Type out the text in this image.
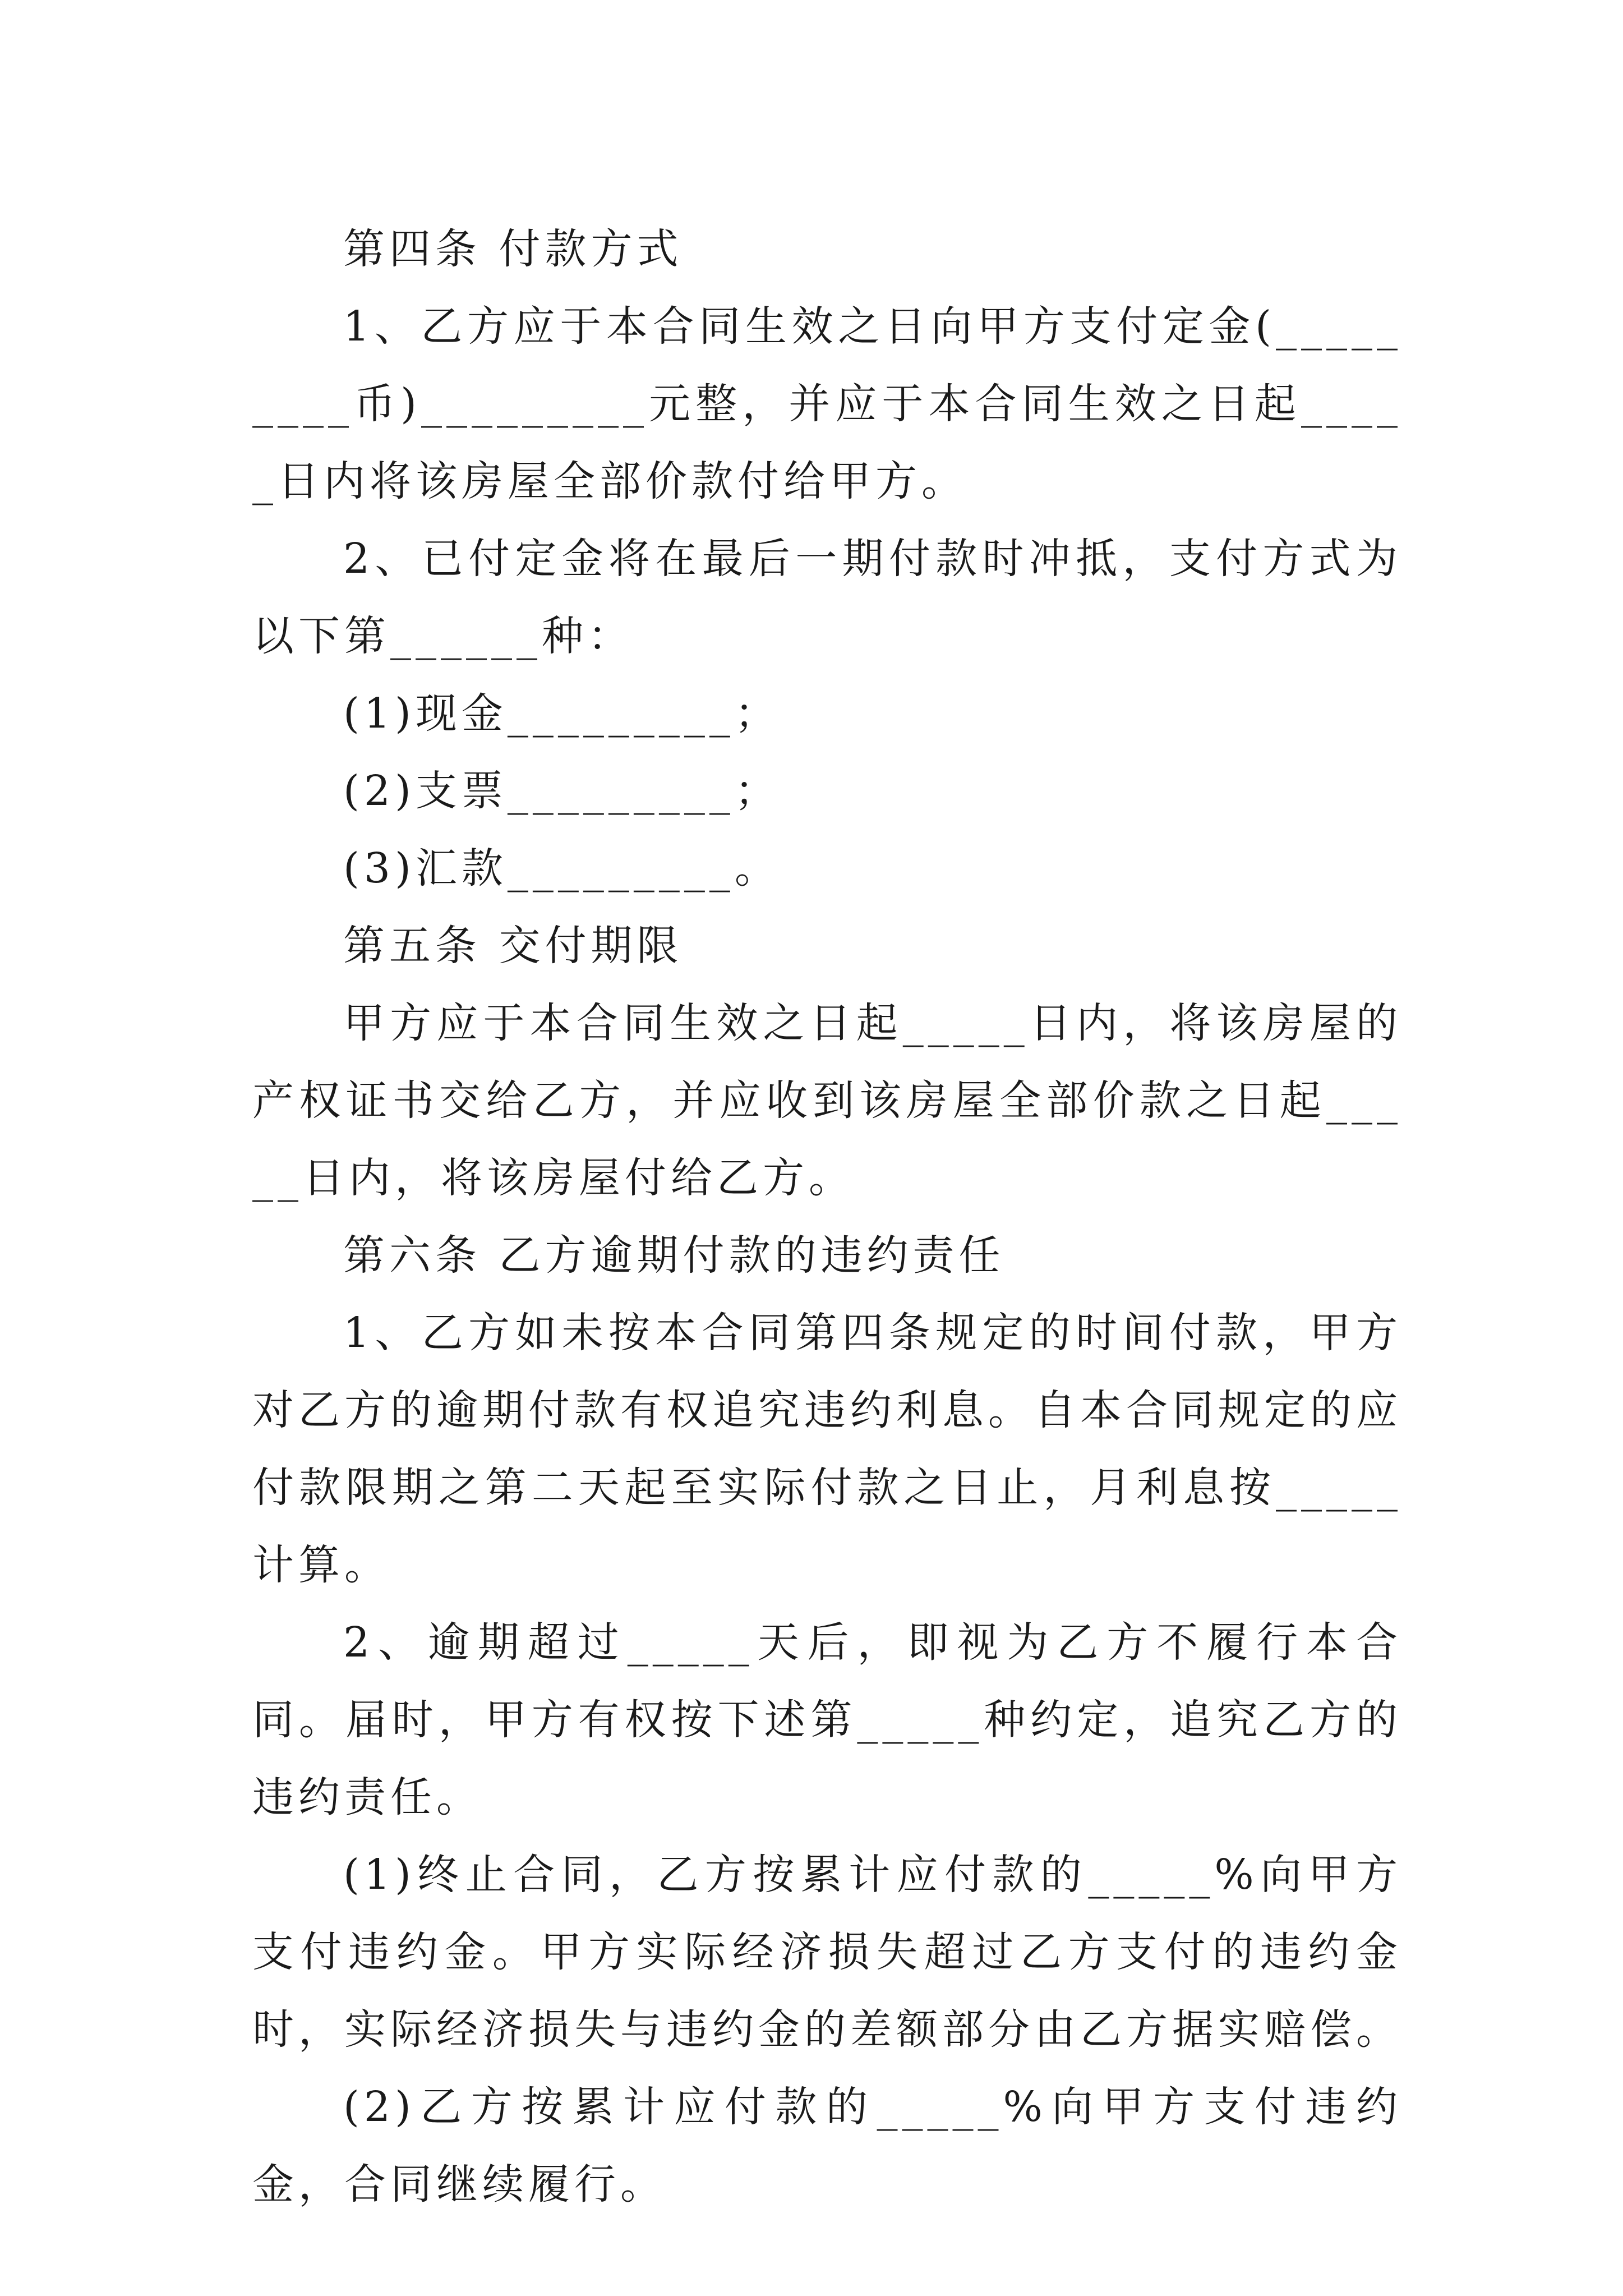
第四条 付款方式

1、乙方应于本合同生效之日向甲方支付定金(_________币)_________元整，并应于本合同生效之日起_____日内将该房屋全部价款付给甲方。

2、已付定金将在最后一期付款时冲抵，支付方式为以下第______种：

(1)现金_________；

(2)支票_________；

(3)汇款_________。

第五条 交付期限

甲方应于本合同生效之日起_____日内，将该房屋的产权证书交给乙方，并应收到该房屋全部价款之日起_____日内，将该房屋付给乙方。

第六条 乙方逾期付款的违约责任

1、乙方如未按本合同第四条规定的时间付款，甲方对乙方的逾期付款有权追究违约利息。自本合同规定的应付款限期之第二天起至实际付款之日止，月利息按_____计算。

2、逾期超过_____天后，即视为乙方不履行本合同。届时，甲方有权按下述第_____种约定，追究乙方的违约责任。

(1)终止合同，乙方按累计应付款的_____%向甲方支付违约金。甲方实际经济损失超过乙方支付的违约金时，实际经济损失与违约金的差额部分由乙方据实赔偿。

(2)乙方按累计应付款的_____%向甲方支付违约金，合同继续履行。
